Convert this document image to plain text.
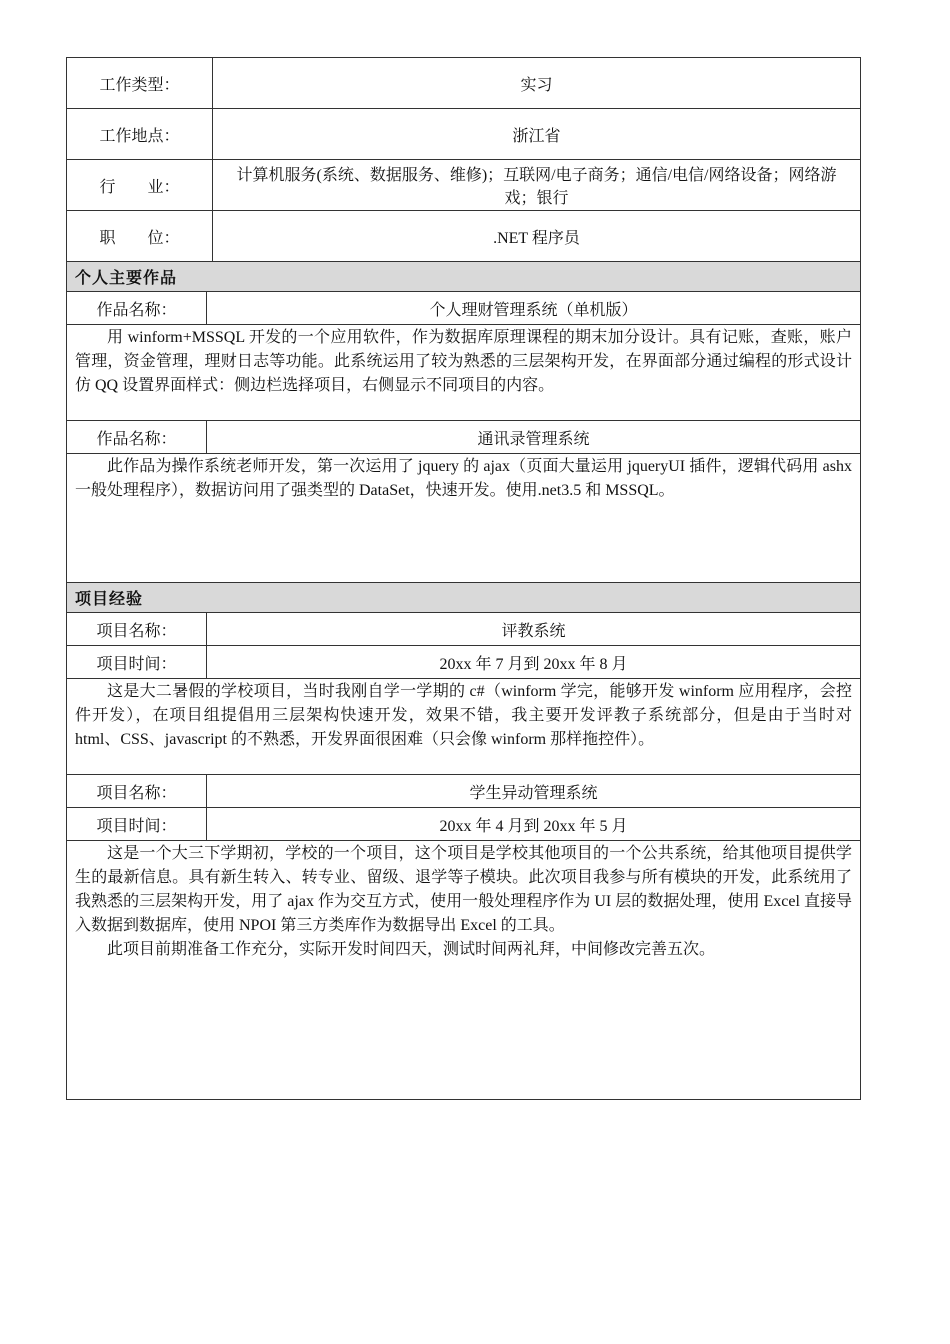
工作类型：	实习
工作地点：	浙江省
行　　业：
计算机服务(系统、数据服务、维修)；互联网/电子商务；通信/电信/网络设备；网络游戏；银行
职　　位：	.NET 程序员
个人主要作品
作品名称：	个人理财管理系统（单机版）

用 winform+MSSQL 开发的一个应用软件，作为数据库原理课程的期末加分设计。具有记账，查账，账户管理，资金管理，理财日志等功能。此系统运用了较为熟悉的三层架构开发，在界面部分通过编程的形式设计仿 QQ 设置界面样式：侧边栏选择项目，右侧显示不同项目的内容。

作品名称：	通讯录管理系统

此作品为操作系统老师开发，第一次运用了 jquery 的 ajax（页面大量运用 jqueryUI 插件，逻辑代码用 ashx 一般处理程序），数据访问用了强类型的 DataSet，快速开发。使用.net3.5 和 MSSQL。

项目经验
项目名称：	评教系统
项目时间：	20xx 年 7 月到 20xx 年 8 月

这是大二暑假的学校项目，当时我刚自学一学期的 c#（winform 学完，能够开发 winform 应用程序，会控件开发），在项目组提倡用三层架构快速开发，效果不错，我主要开发评教子系统部分，但是由于当时对 html、CSS、javascript 的不熟悉，开发界面很困难（只会像 winform 那样拖控件）。

项目名称：	学生异动管理系统
项目时间：	20xx 年 4 月到 20xx 年 5 月

这是一个大三下学期初，学校的一个项目，这个项目是学校其他项目的一个公共系统，给其他项目提供学生的最新信息。具有新生转入、转专业、留级、退学等子模块。此次项目我参与所有模块的开发，此系统用了我熟悉的三层架构开发，用了 ajax 作为交互方式，使用一般处理程序作为 UI 层的数据处理，使用 Excel 直接导入数据到数据库，使用 NPOI 第三方类库作为数据导出 Excel 的工具。

此项目前期准备工作充分，实际开发时间四天，测试时间两礼拜，中间修改完善五次。
